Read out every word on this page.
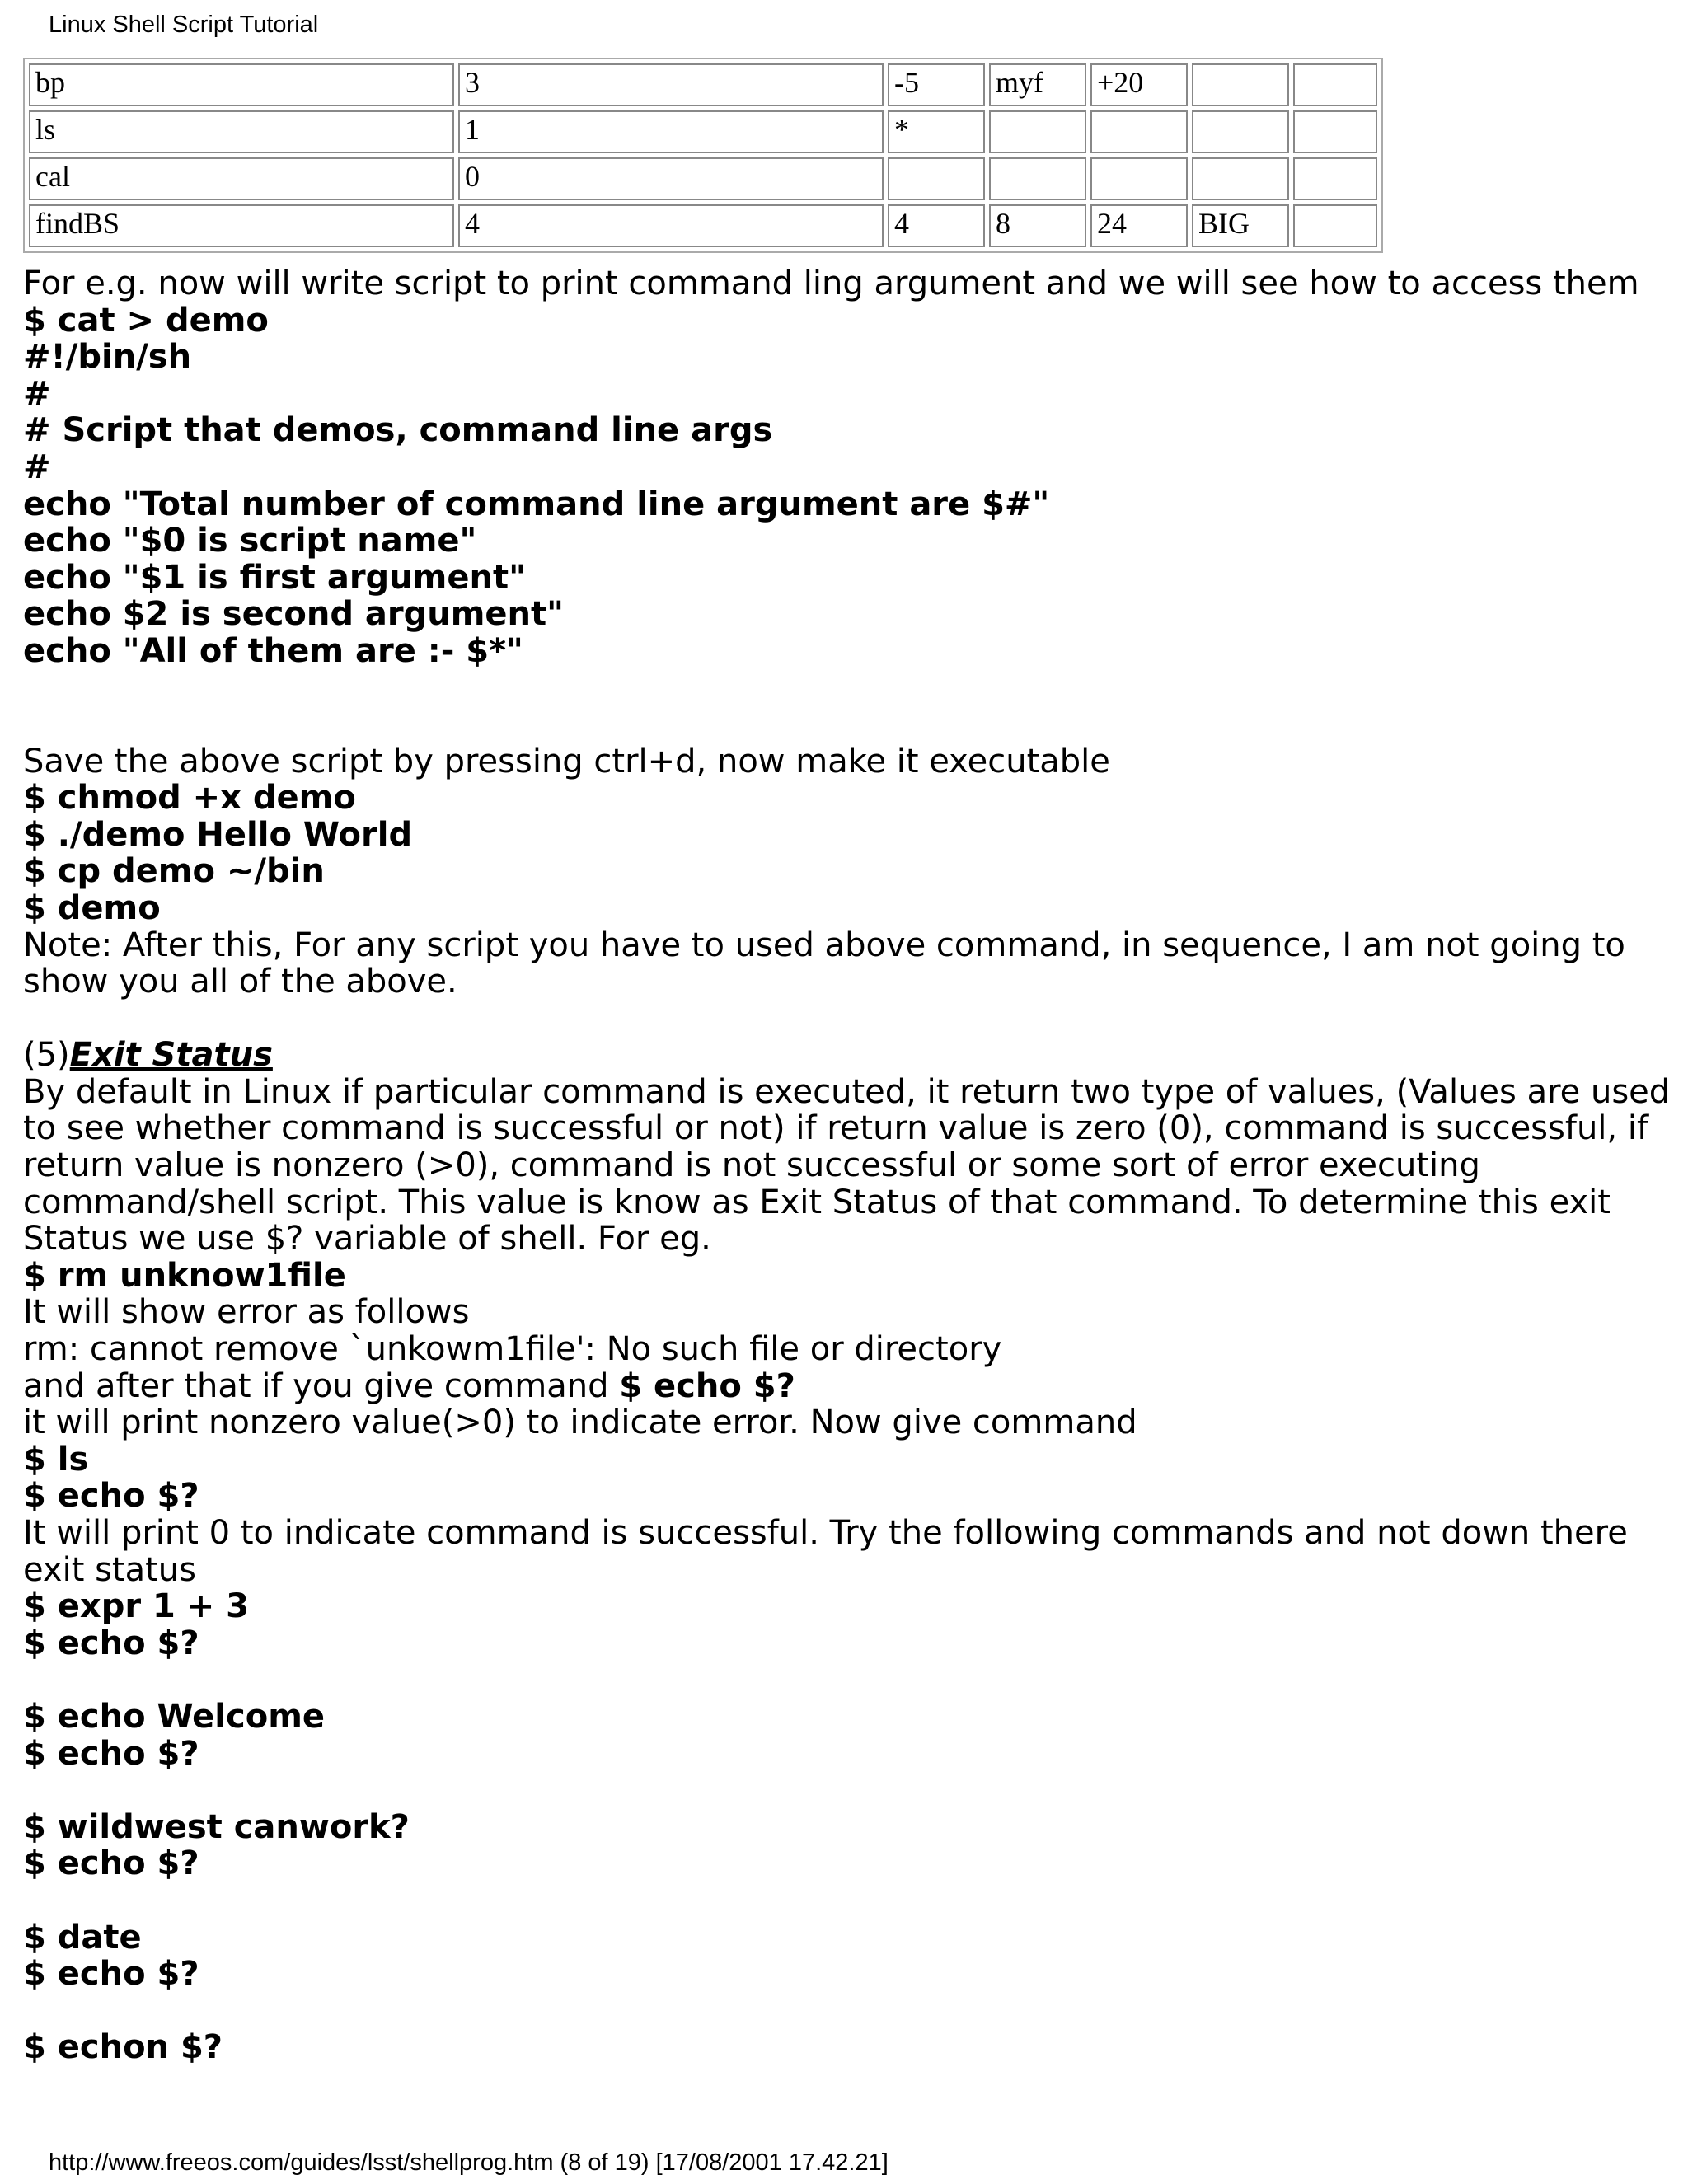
Linux Shell Script Tutorial
bp	3	-5	myf	+20		
ls	1	*				
cal	0					
findBS	4	4	8	24	BIG	
For e.g. now will write script to print command ling argument and we will see how to access them
$ cat > demo
#!/bin/sh
#
# Script that demos, command line args
#
echo "Total number of command line argument are $#"
echo "$0 is script name"
echo "$1 is first argument"
echo $2 is second argument"
echo "All of them are :- $*"
Save the above script by pressing ctrl+d, now make it executable
$ chmod +x demo
$ ./demo Hello World
$ cp demo ~/bin
$ demo
Note: After this, For any script you have to used above command, in sequence, I am not going to
show you all of the above.
(5)Exit Status
By default in Linux if particular command is executed, it return two type of values, (Values are used
to see whether command is successful or not) if return value is zero (0), command is successful, if
return value is nonzero (>0), command is not successful or some sort of error executing
command/shell script. This value is know as Exit Status of that command. To determine this exit
Status we use $? variable of shell. For eg.
$ rm unknow1file
It will show error as follows
rm: cannot remove `unkowm1file': No such file or directory
and after that if you give command $ echo $?
it will print nonzero value(>0) to indicate error. Now give command
$ ls
$ echo $?
It will print 0 to indicate command is successful. Try the following commands and not down there
exit status
$ expr 1 + 3
$ echo $?
$ echo Welcome
$ echo $?
$ wildwest canwork?
$ echo $?
$ date
$ echo $?
$ echon $?
http://www.freeos.com/guides/lsst/shellprog.htm (8 of 19) [17/08/2001 17.42.21]
